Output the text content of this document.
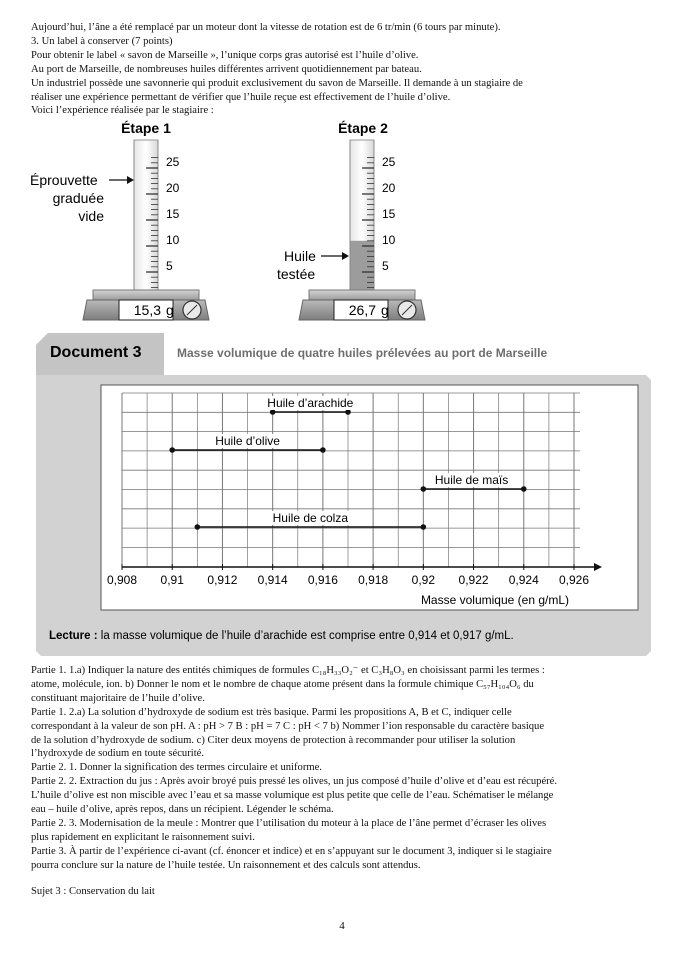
Aujourd’hui, l’âne a été remplacé par un moteur dont la vitesse de rotation est de 6 tr/min (6 tours par minute).

3. Un label à conserver (7 points)

Pour obtenir le label « savon de Marseille », l’unique corps gras autorisé est l’huile d’olive.

Au port de Marseille, de nombreuses huiles différentes arrivent quotidiennement par bateau.

Un industriel possède une savonnerie qui produit exclusivement du savon de Marseille. Il demande à un stagiaire de

réaliser une expérience permettant de vérifier que l’huile reçue est effectivement de l’huile d’olive.

Voici l’expérience réalisée par le stagiaire :

Étape 1	Étape 2
25
20
15
10
5
Éprouvette
graduée
vide
15,3 g
25
20
15
10
5
Huile
testée
26,7 g
Document 3	Masse volumique de quatre huiles prélevées au port de Marseille
0,908 0,91 0,912 0,914 0,916 0,918 0,92 0,922 0,924 0,926
Masse volumique (en g/mL)
Huile d’arachide
Huile d’olive
Huile de maïs
Huile de colza
Lecture : la masse volumique de l’huile d’arachide est comprise entre 0,914 et 0,917 g/mL.

Partie 1. 1.a) Indiquer la nature des entités chimiques de formules C₁₈H₃₃O₂⁻ et C₃H₈O₃ en choisissant parmi les termes :

atome, molécule, ion. b) Donner le nom et le nombre de chaque atome présent dans la formule chimique C₅₇H₁₀₄O₆ du

constituant majoritaire de l’huile d’olive.

Partie 1. 2.a) La solution d’hydroxyde de sodium est très basique. Parmi les propositions A, B et C, indiquer celle

correspondant à la valeur de son pH. A : pH > 7 B : pH = 7 C : pH < 7 b) Nommer l’ion responsable du caractère basique

de la solution d’hydroxyde de sodium. c) Citer deux moyens de protection à recommander pour utiliser la solution

l’hydroxyde de sodium en toute sécurité.

Partie 2. 1. Donner la signification des termes circulaire et uniforme.

Partie 2. 2. Extraction du jus : Après avoir broyé puis pressé les olives, un jus composé d’huile d’olive et d’eau est récupéré.

L’huile d’olive est non miscible avec l’eau et sa masse volumique est plus petite que celle de l’eau. Schématiser le mélange

eau – huile d’olive, après repos, dans un récipient. Légender le schéma.

Partie 2. 3. Modernisation de la meule : Montrer que l’utilisation du moteur à la place de l’âne permet d’écraser les olives

plus rapidement en explicitant le raisonnement suivi.

Partie 3. À partir de l’expérience ci-avant (cf. énoncer et indice) et en s’appuyant sur le document 3, indiquer si le stagiaire

pourra conclure sur la nature de l’huile testée. Un raisonnement et des calculs sont attendus.

Sujet 3 : Conservation du lait

4
